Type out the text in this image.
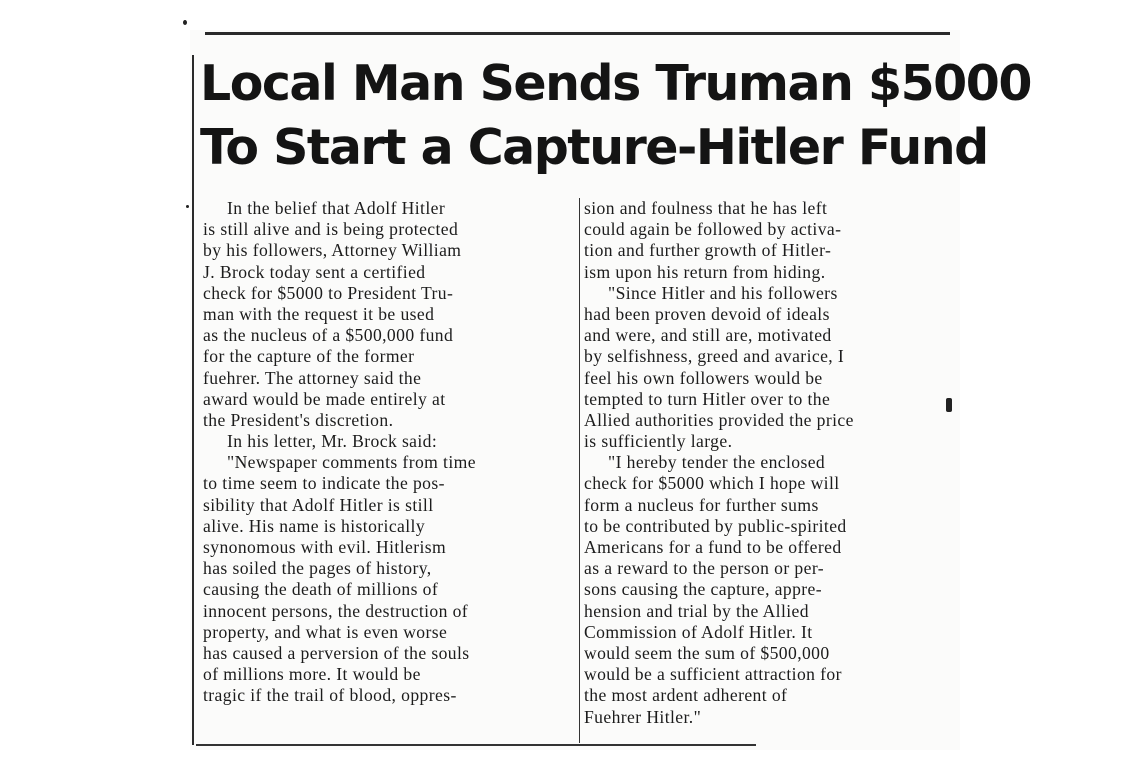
Local Man Sends Truman $5000
To Start a Capture-Hitler Fund
In the belief that Adolf Hitler
is still alive and is being protected
by his followers, Attorney William
J. Brock today sent a certified
check for $5000 to President Tru-
man with the request it be used
as the nucleus of a $500,000 fund
for the capture of the former
fuehrer. The attorney said the
award would be made entirely at
the President's discretion.
In his letter, Mr. Brock said:
"Newspaper comments from time
to time seem to indicate the pos-
sibility that Adolf Hitler is still
alive. His name is historically
synonomous with evil. Hitlerism
has soiled the pages of history,
causing the death of millions of
innocent persons, the destruction of
property, and what is even worse
has caused a perversion of the souls
of millions more. It would be
tragic if the trail of blood, oppres-
sion and foulness that he has left
could again be followed by activa-
tion and further growth of Hitler-
ism upon his return from hiding.
"Since Hitler and his followers
had been proven devoid of ideals
and were, and still are, motivated
by selfishness, greed and avarice, I
feel his own followers would be
tempted to turn Hitler over to the
Allied authorities provided the price
is sufficiently large.
"I hereby tender the enclosed
check for $5000 which I hope will
form a nucleus for further sums
to be contributed by public-spirited
Americans for a fund to be offered
as a reward to the person or per-
sons causing the capture, appre-
hension and trial by the Allied
Commission of Adolf Hitler. It
would seem the sum of $500,000
would be a sufficient attraction for
the most ardent adherent of
Fuehrer Hitler."
